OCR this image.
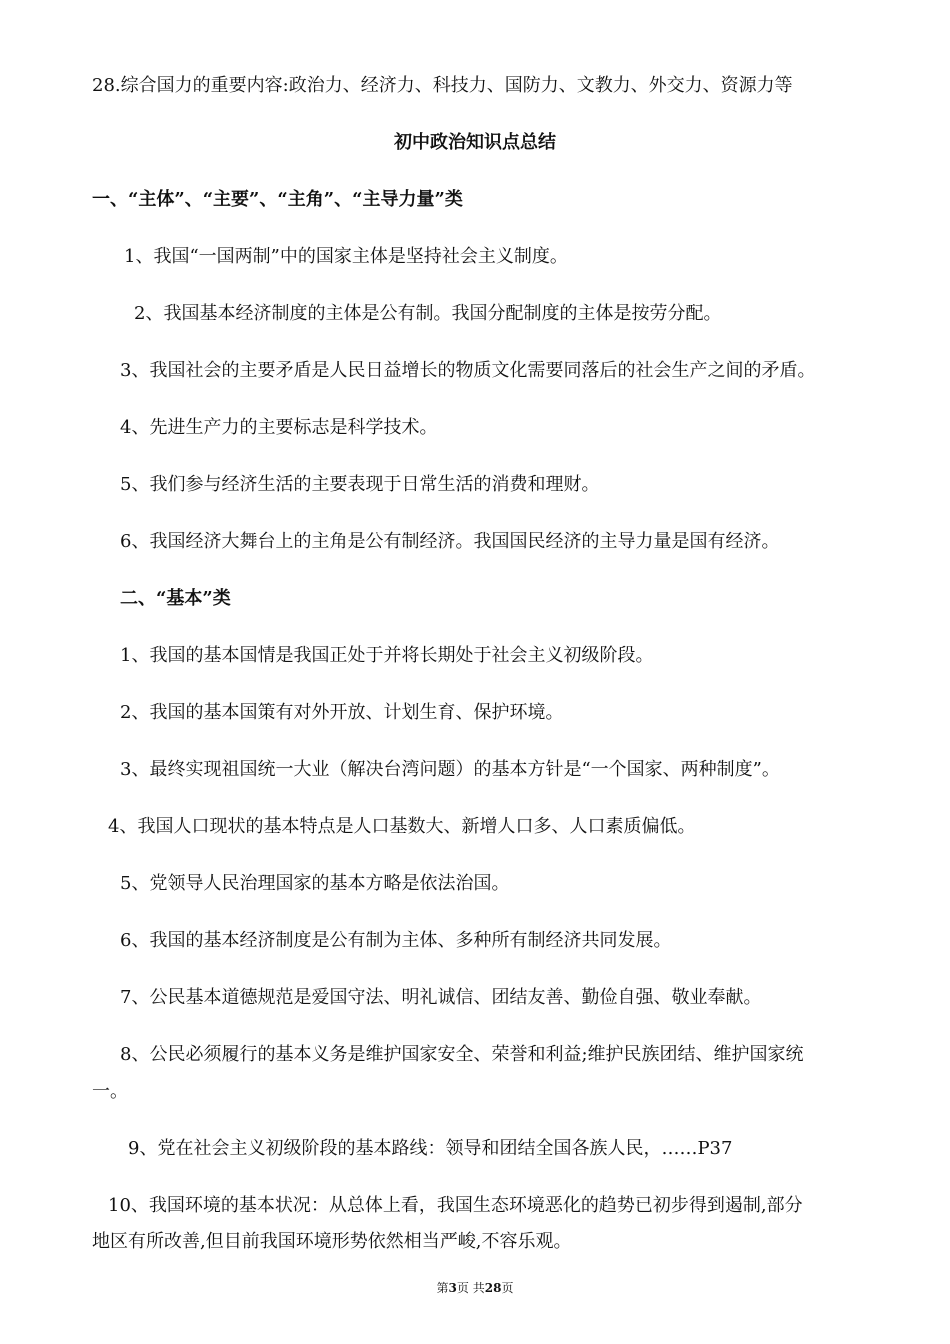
28.综合国力的重要内容:政治力、经济力、科技力、国防力、文教力、外交力、资源力等
初中政治知识点总结
一、“主体”、“主要”、“主角”、“主导力量”类
1、我国“一国两制”中的国家主体是坚持社会主义制度。
2、我国基本经济制度的主体是公有制。我国分配制度的主体是按劳分配。
3、我国社会的主要矛盾是人民日益增长的物质文化需要同落后的社会生产之间的矛盾。
4、先进生产力的主要标志是科学技术。
5、我们参与经济生活的主要表现于日常生活的消费和理财。
6、我国经济大舞台上的主角是公有制经济。我国国民经济的主导力量是国有经济。
二、“基本”类
1、我国的基本国情是我国正处于并将长期处于社会主义初级阶段。
2、我国的基本国策有对外开放、计划生育、保护环境。
3、最终实现祖国统一大业（解决台湾问题）的基本方针是“一个国家、两种制度”。
4、我国人口现状的基本特点是人口基数大、新增人口多、人口素质偏低。
5、党领导人民治理国家的基本方略是依法治国。
6、我国的基本经济制度是公有制为主体、多种所有制经济共同发展。
7、公民基本道德规范是爱国守法、明礼诚信、团结友善、勤俭自强、敬业奉献。
8、公民必须履行的基本义务是维护国家安全、荣誉和利益;维护民族团结、维护国家统
一。
9、党在社会主义初级阶段的基本路线：领导和团结全国各族人民，……P37
10、我国环境的基本状况：从总体上看，我国生态环境恶化的趋势已初步得到遏制,部分
地区有所改善,但目前我国环境形势依然相当严峻,不容乐观。
第3页 共28页
